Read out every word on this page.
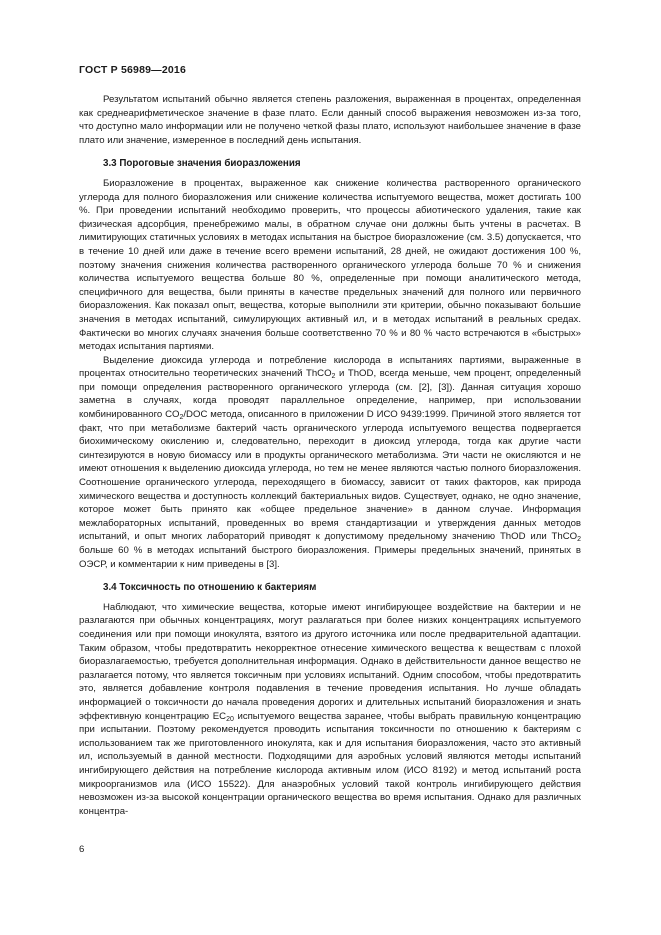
ГОСТ Р 56989—2016

Результатом испытаний обычно является степень разложения, выраженная в процентах, определенная как среднеарифметическое значение в фазе плато. Если данный способ выражения невозможен из-за того, что доступно мало информации или не получено четкой фазы плато, используют наибольшее значение в фазе плато или значение, измеренное в последний день испытания.

3.3 Пороговые значения биоразложения

Биоразложение в процентах, выраженное как снижение количества растворенного органического углерода для полного биоразложения или снижение количества испытуемого вещества, может достигать 100 %. При проведении испытаний необходимо проверить, что процессы абиотического удаления, такие как физическая адсорбция, пренебрежимо малы, в обратном случае они должны быть учтены в расчетах. В лимитирующих статичных условиях в методах испытания на быстрое биоразложение (см. 3.5) допускается, что в течение 10 дней или даже в течение всего времени испытаний, 28 дней, не ожидают достижения 100 %, поэтому значения снижения количества растворенного органического углерода больше 70 % и снижения количества испытуемого вещества больше 80 %, определенные при помощи аналитического метода, специфичного для вещества, были приняты в качестве предельных значений для полного или первичного биоразложения. Как показал опыт, вещества, которые выполнили эти критерии, обычно показывают большие значения в методах испытаний, симулирующих активный ил, и в методах испытаний в реальных средах. Фактически во многих случаях значения больше соответственно 70 % и 80 % часто встречаются в «быстрых» методах испытания партиями.

Выделение диоксида углерода и потребление кислорода в испытаниях партиями, выраженные в процентах относительно теоретических значений ThCO$_2$ и ThOD, всегда меньше, чем процент, определенный при помощи определения растворенного органического углерода (см. [2], [3]). Данная ситуация хорошо заметна в случаях, когда проводят параллельное определение, например, при использовании комбинированного $CO_2$/DOC метода, описанного в приложении D ИСО 9439:1999. Причиной этого является тот факт, что при метаболизме бактерий часть органического углерода испытуемого вещества подвергается биохимическому окислению и, следовательно, переходит в диоксид углерода, тогда как другие части синтезируются в новую биомассу или в продукты органического метаболизма. Эти части не окисляются и не имеют отношения к выделению диоксида углерода, но тем не менее являются частью полного биоразложения. Соотношение органического углерода, переходящего в биомассу, зависит от таких факторов, как природа химического вещества и доступность коллекций бактериальных видов. Существует, однако, не одно значение, которое может быть принято как «общее предельное значение» в данном случае. Информация межлабораторных испытаний, проведенных во время стандартизации и утверждения данных методов испытаний, и опыт многих лабораторий приводят к допустимому предельному значению ThOD или ThCO$_2$ больше 60 % в методах испытаний быстрого биоразложения. Примеры предельных значений, принятых в ОЭСР, и комментарии к ним приведены в [3].

3.4 Токсичность по отношению к бактериям

Наблюдают, что химические вещества, которые имеют ингибирующее воздействие на бактерии и не разлагаются при обычных концентрациях, могут разлагаться при более низких концентрациях испытуемого соединения или при помощи инокулята, взятого из другого источника или после предварительной адаптации. Таким образом, чтобы предотвратить некорректное отнесение химического вещества к веществам с плохой биоразлагаемостью, требуется дополнительная информация. Однако в действительности данное вещество не разлагается потому, что является токсичным при условиях испытаний. Одним способом, чтобы предотвратить это, является добавление контроля подавления в течение проведения испытания. Но лучше обладать информацией о токсичности до начала проведения дорогих и длительных испытаний биоразложения и знать эффективную концентрацию $EC_{20}$ испытуемого вещества заранее, чтобы выбрать правильную концентрацию при испытании. Поэтому рекомендуется проводить испытания токсичности по отношению к бактериям с использованием так же приготовленного инокулята, как и для испытания биоразложения, часто это активный ил, используемый в данной местности. Подходящими для аэробных условий являются методы испытаний ингибирующего действия на потребление кислорода активным илом (ИСО 8192) и метод испытаний роста микроорганизмов ила (ИСО 15522). Для анаэробных условий такой контроль ингибирующего действия невозможен из-за высокой концентрации органического вещества во время испытания. Однако для различных концентра-

6
